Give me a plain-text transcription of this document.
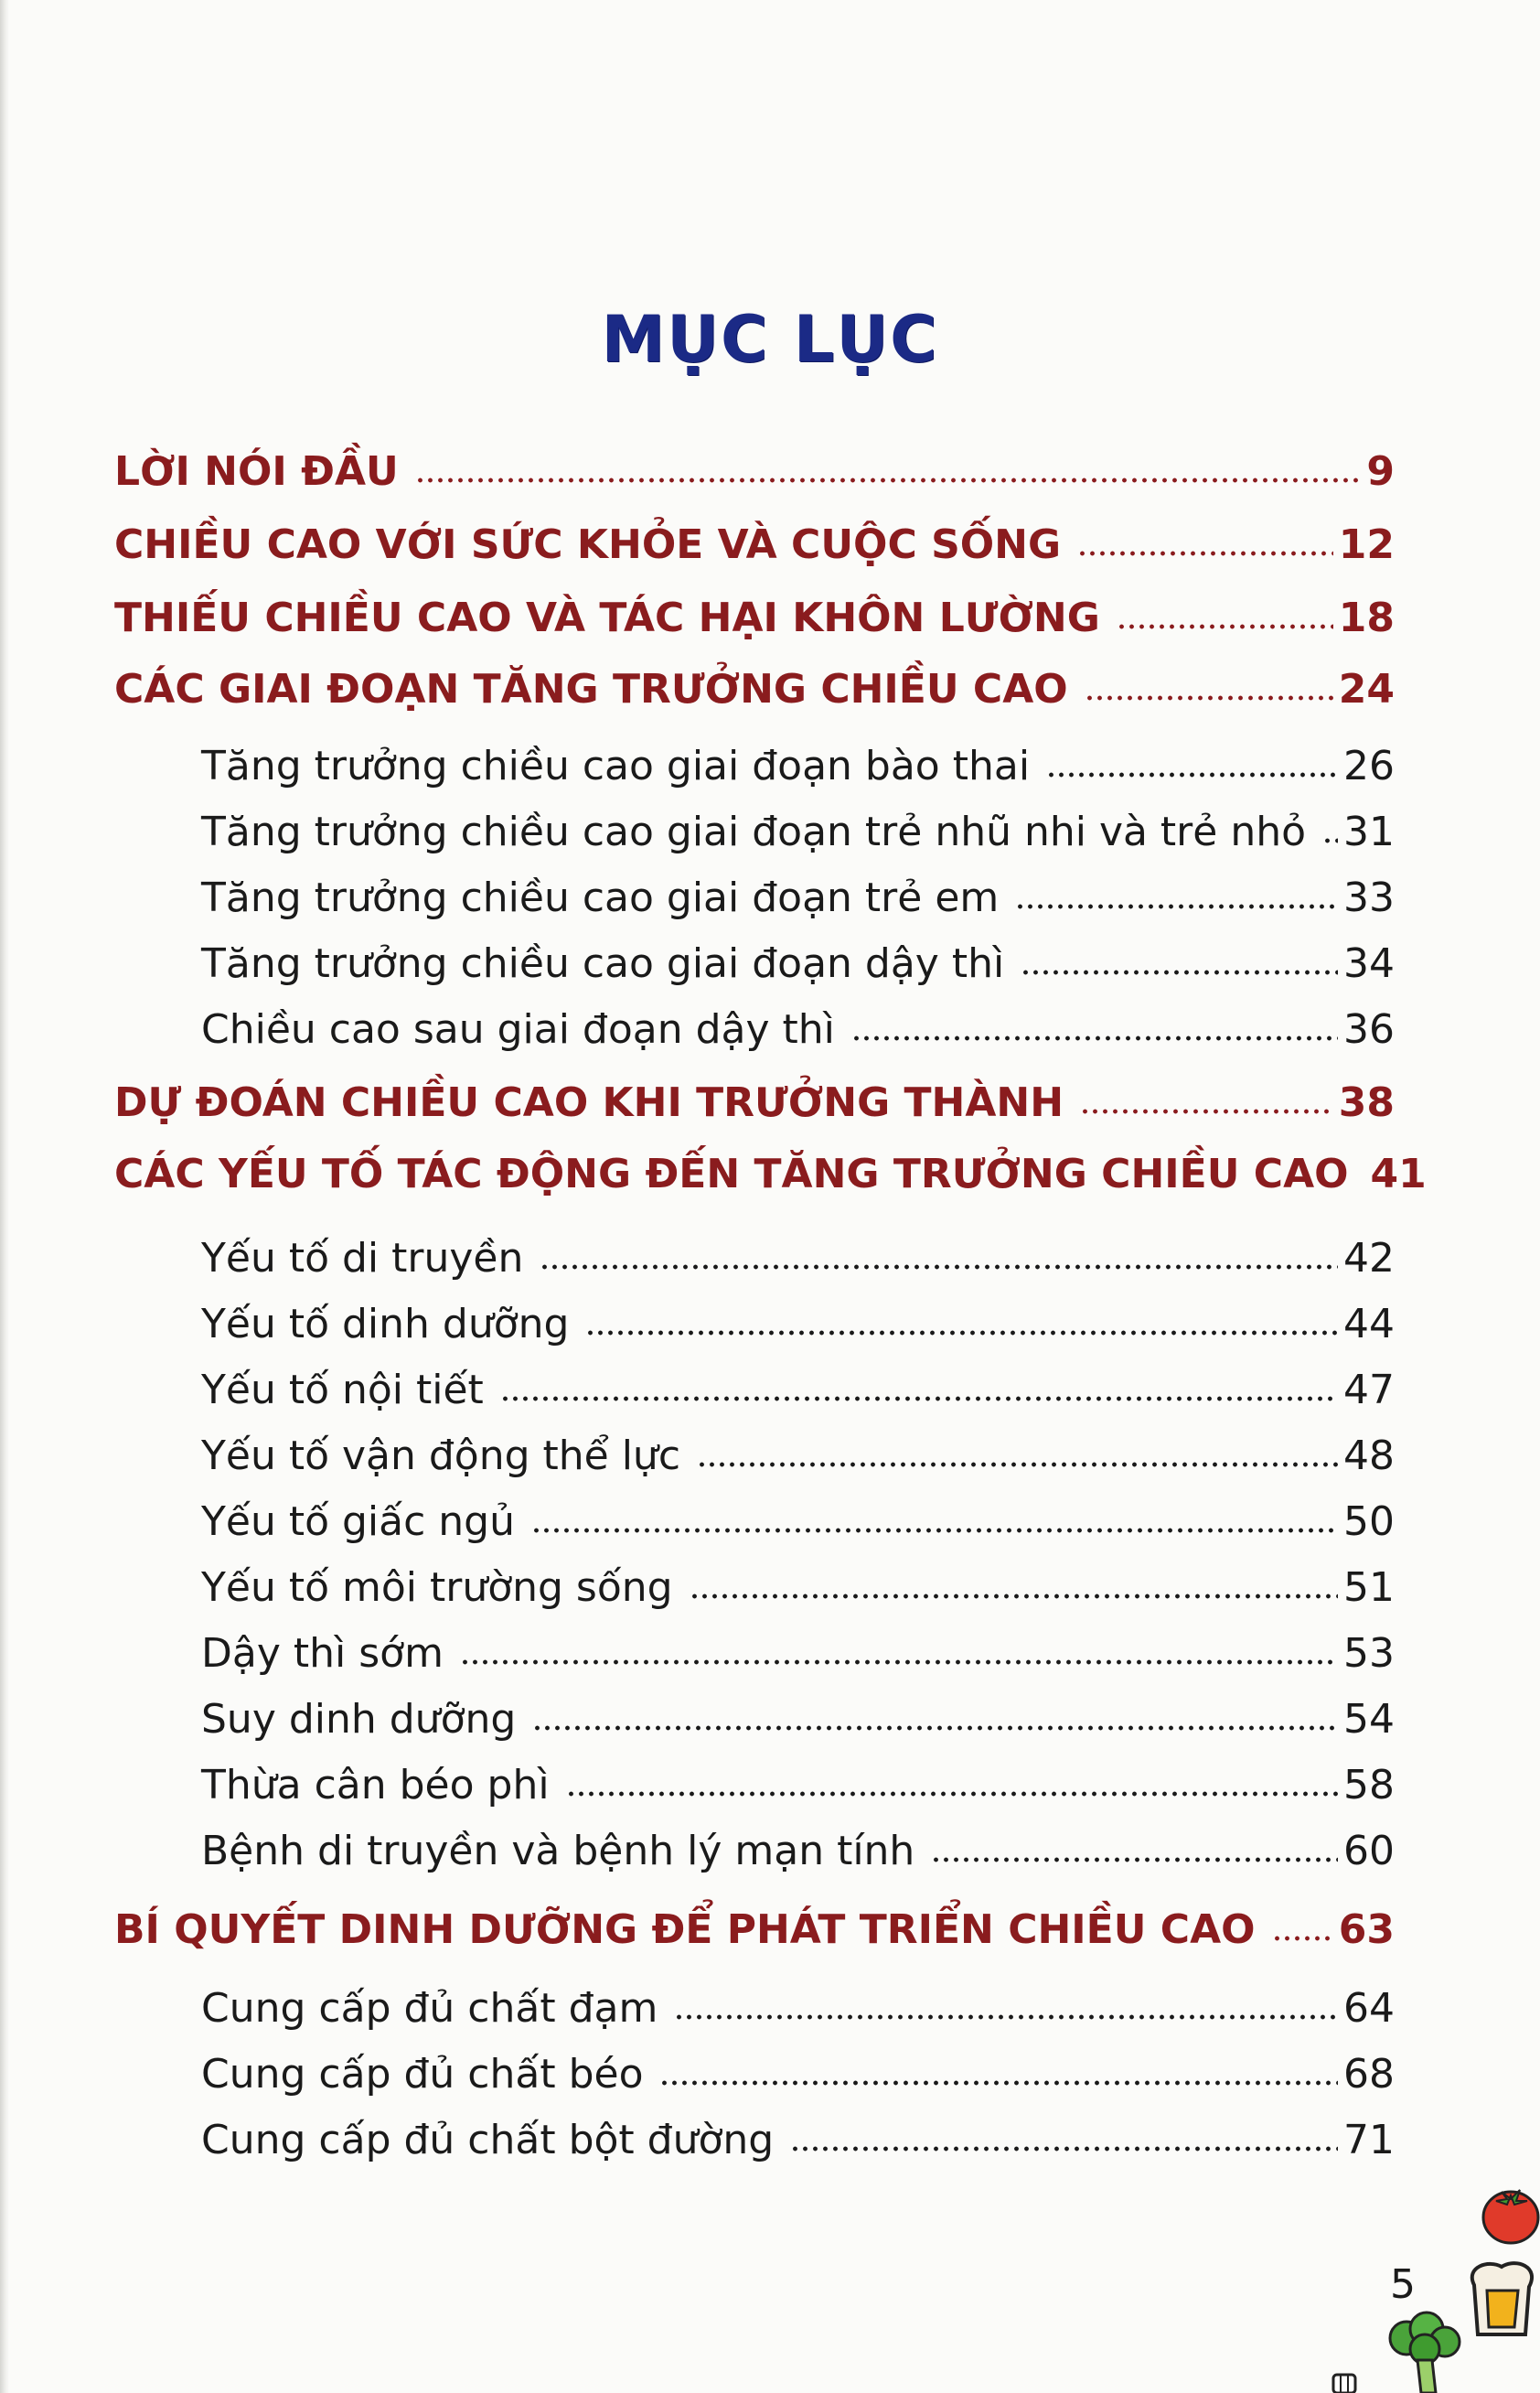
MỤC LỤC
LỜI NÓI ĐẦU	9
CHIỀU CAO VỚI SỨC KHỎE VÀ CUỘC SỐNG	12
THIẾU CHIỀU CAO VÀ TÁC HẠI KHÔN LƯỜNG	18
CÁC GIAI ĐOẠN TĂNG TRƯỞNG CHIỀU CAO	24
Tăng trưởng chiều cao giai đoạn bào thai	26
Tăng trưởng chiều cao giai đoạn trẻ nhũ nhi và trẻ nhỏ 31
Tăng trưởng chiều cao giai đoạn trẻ em	33
Tăng trưởng chiều cao giai đoạn dậy thì	34
Chiều cao sau giai đoạn dậy thì	36
DỰ ĐOÁN CHIỀU CAO KHI TRƯỞNG THÀNH	38
CÁC YẾU TỐ TÁC ĐỘNG ĐẾN TĂNG TRƯỞNG CHIỀU CAO 41
Yếu tố di truyền	42
Yếu tố dinh dưỡng	44
Yếu tố nội tiết	47
Yếu tố vận động thể lực	48
Yếu tố giấc ngủ	50
Yếu tố môi trường sống	51
Dậy thì sớm	53
Suy dinh dưỡng	54
Thừa cân béo phì	58
Bệnh di truyền và bệnh lý mạn tính	60
BÍ QUYẾT DINH DƯỠNG ĐỂ PHÁT TRIỂN CHIỀU CAO 63
Cung cấp đủ chất đạm	64
Cung cấp đủ chất béo	68
Cung cấp đủ chất bột đường	71
5
